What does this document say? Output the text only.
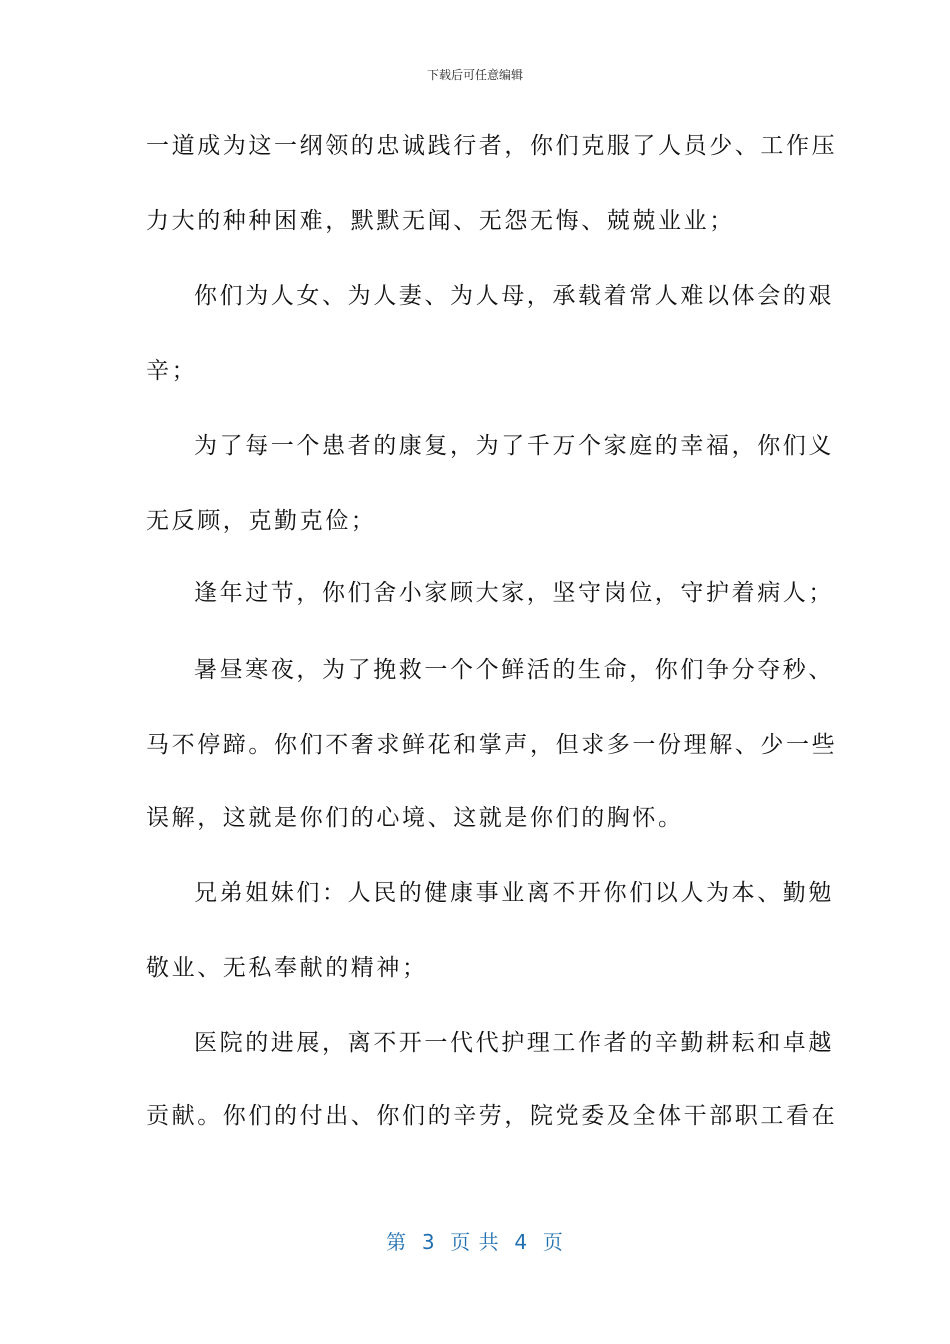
下载后可任意编辑
一道成为这一纲领的忠诚践行者，你们克服了人员少、工作压
力大的种种困难，默默无闻、无怨无悔、兢兢业业；
你们为人女、为人妻、为人母，承载着常人难以体会的艰
辛；
为了每一个患者的康复，为了千万个家庭的幸福，你们义
无反顾，克勤克俭；
逢年过节，你们舍小家顾大家，坚守岗位，守护着病人；
暑昼寒夜，为了挽救一个个鲜活的生命，你们争分夺秒、
马不停蹄。你们不奢求鲜花和掌声，但求多一份理解、少一些
误解，这就是你们的心境、这就是你们的胸怀。
兄弟姐妹们：人民的健康事业离不开你们以人为本、勤勉
敬业、无私奉献的精神；
医院的进展，离不开一代代护理工作者的辛勤耕耘和卓越
贡献。你们的付出、你们的辛劳，院党委及全体干部职工看在
第  3  页 共  4  页
